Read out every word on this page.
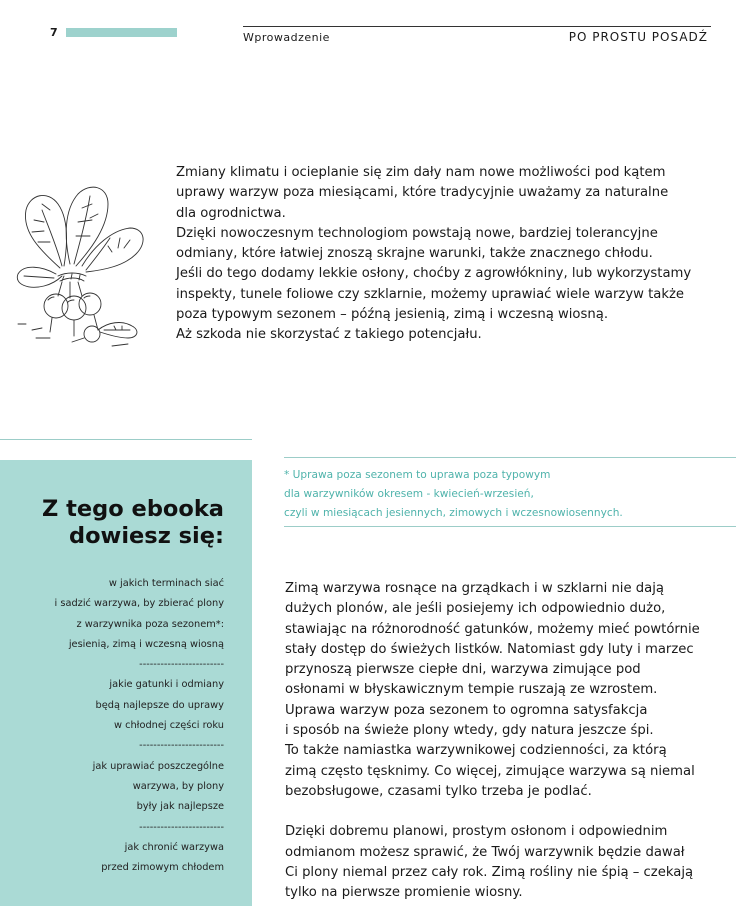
7	Wprowadzenie	PO PROSTU POSADŹ

Zmiany klimatu i ocieplanie się zim dały nam nowe możliwości pod kątem

uprawy warzyw poza miesiącami, które tradycyjnie uważamy za naturalne

dla ogrodnictwa.

Dzięki nowoczesnym technologiom powstają nowe, bardziej tolerancyjne

odmiany, które łatwiej znoszą skrajne warunki, także znacznego chłodu.

Jeśli do tego dodamy lekkie osłony, choćby z agrowłókniny, lub wykorzystamy

inspekty, tunele foliowe czy szklarnie, możemy uprawiać wiele warzyw także

poza typowym sezonem – późną jesienią, zimą i wczesną wiosną.

Aż szkoda nie skorzystać z takiego potencjału.

Z tego ebooka
dowiesz się:
w jakich terminach siać
i sadzić warzywa, by zbierać plony
z warzywnika poza sezonem*:
jesienią, zimą i wczesną wiosną
------------------------
jakie gatunki i odmiany
będą najlepsze do uprawy
w chłodnej części roku
------------------------
jak uprawiać poszczególne
warzywa, by plony
były jak najlepsze
------------------------
jak chronić warzywa
przed zimowym chłodem
* Uprawa poza sezonem to uprawa poza typowym
dla warzywników okresem - kwiecień-wrzesień,
czyli w miesiącach jesiennych, zimowych i wczesnowiosennych.

Zimą warzywa rosnące na grządkach i w szklarni nie dają

dużych plonów, ale jeśli posiejemy ich odpowiednio dużo,

stawiając na różnorodność gatunków, możemy mieć powtórnie

stały dostęp do świeżych listków. Natomiast gdy luty i marzec

przynoszą pierwsze ciepłe dni, warzywa zimujące pod

osłonami w błyskawicznym tempie ruszają ze wzrostem.

Uprawa warzyw poza sezonem to ogromna satysfakcja

i sposób na świeże plony wtedy, gdy natura jeszcze śpi.

To także namiastka warzywnikowej codzienności, za którą

zimą często tęsknimy. Co więcej, zimujące warzywa są niemal

bezobsługowe, czasami tylko trzeba je podlać.

Dzięki dobremu planowi, prostym osłonom i odpowiednim

odmianom możesz sprawić, że Twój warzywnik będzie dawał

Ci plony niemal przez cały rok. Zimą rośliny nie śpią – czekają

tylko na pierwsze promienie wiosny.
